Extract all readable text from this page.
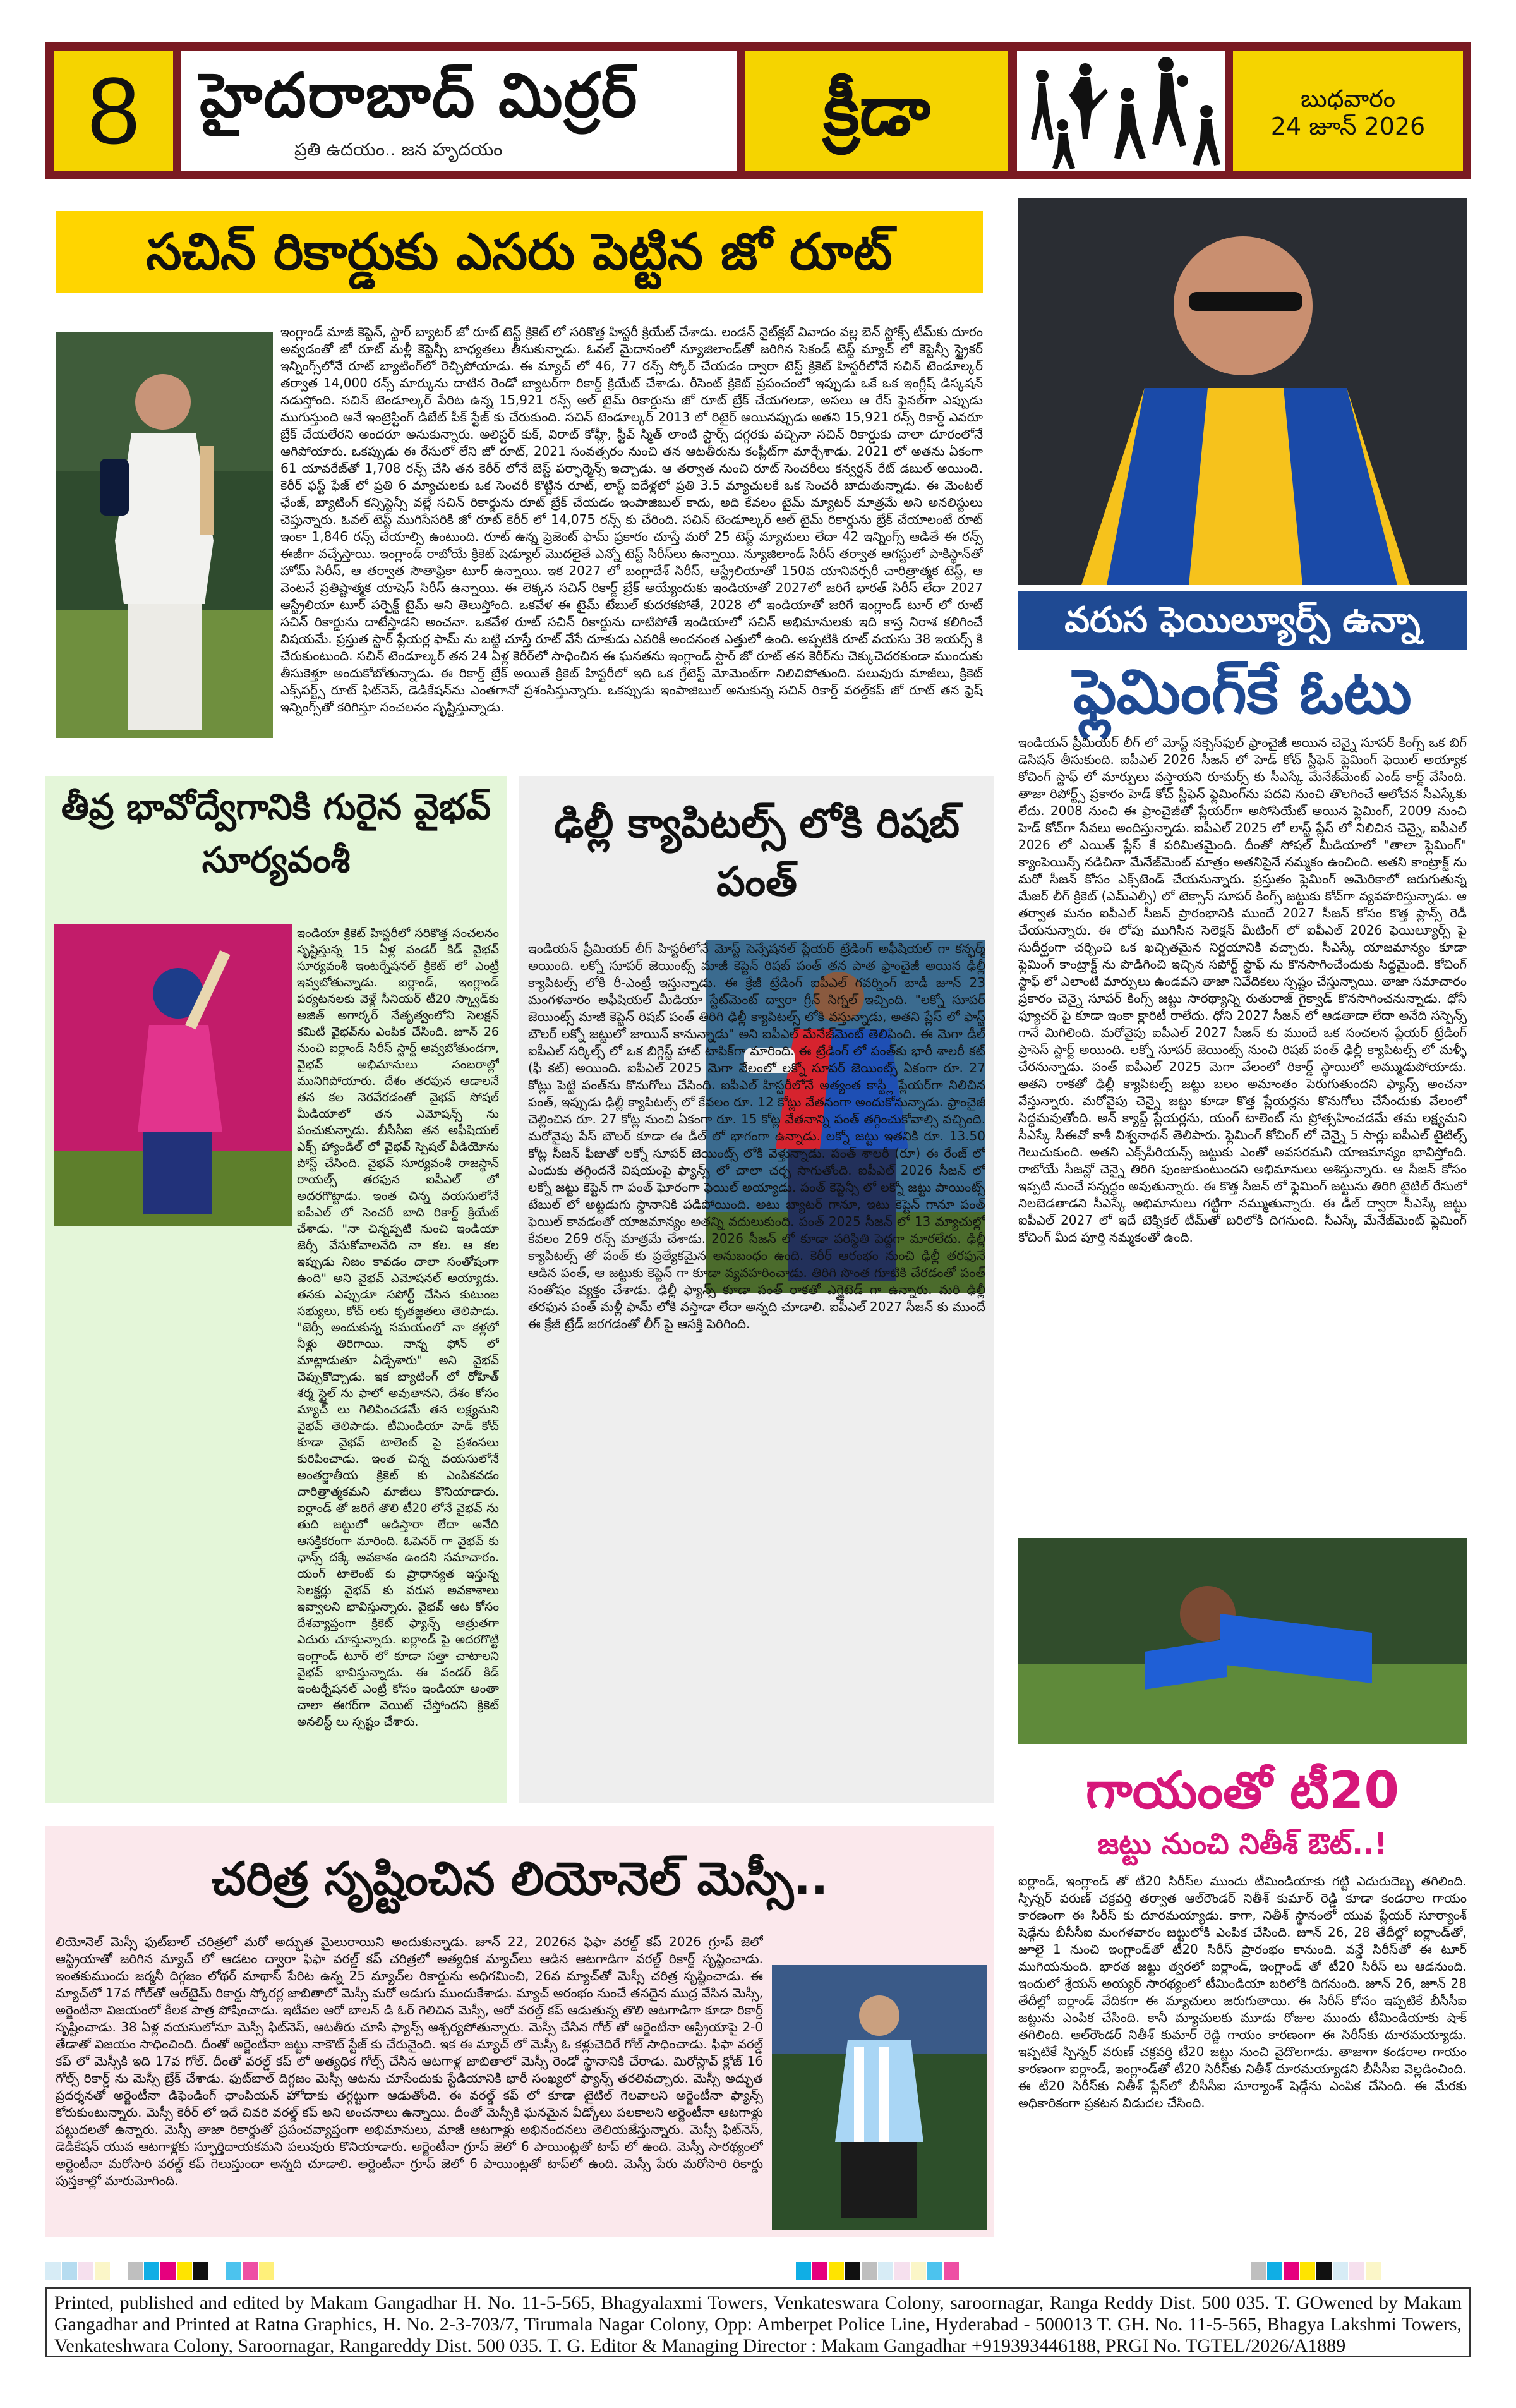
8 హైదరాబాద్ మిర్రర్
ప్రతి ఉదయం.. జన హృదయం	క్రీడా	బుధవారం
24 జూన్ 2026
సచిన్ రికార్డుకు ఎసరు పెట్టిన జో రూట్
ఇంగ్లాండ్ మాజీ కెప్టెన్, స్టార్ బ్యాటర్ జో రూట్ టెస్ట్ క్రికెట్ లో సరికొత్త హిస్టరీ క్రియేట్ చేశాడు. లండన్ నైట్‌క్లబ్ వివాదం వల్ల బెన్ స్టోక్స్ టీమ్‌కు దూరం అవ్వడంతో జో రూట్ మళ్లీ కెప్టెన్సీ బాధ్యతలు తీసుకున్నాడు. ఓవల్ మైదానంలో న్యూజిలాండ్‌తో జరిగిన సెకండ్ టెస్ట్ మ్యాచ్ లో కెప్టెన్సీ స్ట్రైకర్ ఇన్నింగ్స్‌లోనే రూట్ బ్యాటింగ్‌లో రెచ్చిపోయాడు. ఈ మ్యాచ్ లో 46, 77 రన్స్ స్కోర్ చేయడం ద్వారా టెస్ట్ క్రికెట్ హిస్టరీలోనే సచిన్ టెండూల్కర్ తర్వాత 14,000 రన్స్ మార్కును దాటిన రెండో బ్యాటర్‌గా రికార్డ్ క్రియేట్ చేశాడు. రీసెంట్ క్రికెట్ ప్రపంచంలో ఇప్పుడు ఒకే ఒక ఇంగ్లీష్ డిస్కషన్ నడుస్తోంది. సచిన్ టెండూల్కర్ పేరిట ఉన్న 15,921 రన్స్ ఆల్ టైమ్ రికార్డును జో రూట్ బ్రేక్ చేయగలడా, అసలు ఆ రేస్ ఫైనల్‌గా ఎప్పుడు ముగుస్తుంది అనే ఇంట్రెస్టింగ్ డిబేట్ పీక్ స్టేజ్ కు చేరుకుంది. సచిన్ టెండూల్కర్ 2013 లో రిటైర్ అయినప్పుడు అతని 15,921 రన్స్ రికార్డ్ ఎవరూ బ్రేక్ చేయలేరని అందరూ అనుకున్నారు. అలిస్టర్ కుక్, విరాట్ కోహ్లీ, స్టీవ్ స్మిత్ లాంటి స్టార్స్ దగ్గరకు వచ్చినా సచిన్ రికార్డుకు చాలా దూరంలోనే ఆగిపోయారు. ఒకప్పుడు ఈ రేసులో లేని జో రూట్, 2021 సంవత్సరం నుంచి తన ఆటతీరును కంప్లీట్‌గా మార్చేశాడు. 2021 లో అతను ఏకంగా 61 యావరేజ్‌తో 1,708 రన్స్ చేసి తన కెరీర్ లోనే బెస్ట్ పర్ఫార్మెన్స్ ఇచ్చాడు. ఆ తర్వాత నుంచి రూట్ సెంచరీలు కన్వర్షన్ రేట్ డబుల్ అయింది. కెరీర్ ఫస్ట్ ఫేజ్ లో ప్రతి 6 మ్యాచులకు ఒక సెంచరీ కొట్టిన రూట్, లాస్ట్ ఐదేళ్లలో ప్రతి 3.5 మ్యాచులకే ఒక సెంచరీ బాదుతున్నాడు. ఈ మెంటల్ ఛేంజ్, బ్యాటింగ్ కన్సిస్టెన్సీ వల్లే సచిన్ రికార్డును రూట్ బ్రేక్ చేయడం ఇంపాజిబుల్ కాదు, అది కేవలం టైమ్ మ్యాటర్ మాత్రమే అని అనలిస్టులు చెప్తున్నారు. ఓవల్ టెస్ట్ ముగిసేసరికి జో రూట్ కెరీర్ లో 14,075 రన్స్ కు చేరింది. సచిన్ టెండూల్కర్ ఆల్ టైమ్ రికార్డును బ్రేక్ చేయాలంటే రూట్ ఇంకా 1,846 రన్స్ చేయాల్సి ఉంటుంది. రూట్ ఉన్న ప్రెజెంట్ ఫామ్ ప్రకారం చూస్తే మరో 25 టెస్ట్ మ్యాచులు లేదా 42 ఇన్నింగ్స్ ఆడితే ఈ రన్స్ ఈజీగా వచ్చేస్తాయి. ఇంగ్లాండ్ రాబోయే క్రికెట్ షెడ్యూల్ మొదలైతే ఎన్నో టెస్ట్ సిరీస్‌లు ఉన్నాయి. న్యూజిలాండ్ సిరీస్ తర్వాత ఆగస్టులో పాకిస్థాన్‌తో హోమ్ సిరీస్, ఆ తర్వాత సౌతాఫ్రికా టూర్ ఉన్నాయి. ఇక 2027 లో బంగ్లాదేశ్ సిరీస్, ఆస్ట్రేలియాతో 150వ యానివర్సరీ చారిత్రాత్మక టెస్ట్, ఆ వెంటనే ప్రతిష్టాత్మక యాషెస్ సిరీస్ ఉన్నాయి. ఈ లెక్కన సచిన్ రికార్డ్ బ్రేక్ అయ్యేందుకు ఇండియాతో 2027లో జరిగే భారత్ సిరీస్ లేదా 2027 ఆస్ట్రేలియా టూర్ పర్ఫెక్ట్ టైమ్ అని తెలుస్తోంది. ఒకవేళ ఈ టైమ్ టేబుల్ కుదరకపోతే, 2028 లో ఇండియాతో జరిగే ఇంగ్లాండ్ టూర్ లో రూట్ సచిన్ రికార్డును దాటేస్తాడని అంచనా. ఒకవేళ రూట్ సచిన్ రికార్డును దాటిపోతే ఇండియాలో సచిన్ అభిమానులకు ఇది కాస్త నిరాశ కలిగించే విషయమే. ప్రస్తుత స్టార్ ప్లేయర్ల ఫామ్ ను బట్టి చూస్తే రూట్ వేసే దూకుడు ఎవరికీ అందనంత ఎత్తులో ఉంది. అప్పటికి రూట్ వయసు 38 ఇయర్స్ కి చేరుకుంటుంది. సచిన్ టెండూల్కర్ తన 24 ఏళ్ల కెరీర్‌లో సాధించిన ఈ ఘనతను ఇంగ్లాండ్ స్టార్ జో రూట్ తన కెరీర్‌ను చెక్కుచెదరకుండా ముందుకు తీసుకెళ్తూ అందుకోబోతున్నాడు. ఈ రికార్డ్ బ్రేక్ అయితే క్రికెట్ హిస్టరీలో ఇది ఒక గ్రేటెస్ట్ మోమెంట్‌గా నిలిచిపోతుంది. పలువురు మాజీలు, క్రికెట్ ఎక్స్‌పర్ట్స్ రూట్ ఫిట్‌నెస్, డెడికేషన్‌ను ఎంతగానో ప్రశంసిస్తున్నారు. ఒకప్పుడు ఇంపాజిబుల్ అనుకున్న సచిన్ రికార్డ్ వరల్డ్‌కప్ జో రూట్ తన ఫ్రెష్ ఇన్నింగ్స్‌తో కరిగిస్తూ సంచలనం సృష్టిస్తున్నాడు.
వరుస ఫెయిల్యూర్స్ ఉన్నా
ఫ్లెమింగ్‌కే ఓటు
ఇండియన్ ప్రీమియర్ లీగ్ లో మోస్ట్ సక్సెస్‌ఫుల్ ఫ్రాంచైజీ అయిన చెన్నై సూపర్ కింగ్స్ ఒక బిగ్ డెసిషన్ తీసుకుంది. ఐపీఎల్ 2026 సీజన్ లో హెడ్ కోచ్ స్టీఫెన్ ఫ్లెమింగ్ ఫెయిల్ అయ్యాక కోచింగ్ స్టాఫ్ లో మార్పులు వస్తాయని రూమర్స్ కు సీఎస్కే మేనేజ్‌మెంట్ ఎండ్ కార్డ్ వేసింది. తాజా రిపోర్ట్స్ ప్రకారం హెడ్ కోచ్ స్టీఫెన్ ఫ్లెమింగ్‌ను పదవి నుంచి తొలగించే ఆలోచన సీఎస్కేకు లేదు. 2008 నుంచి ఈ ఫ్రాంచైజీతో ప్లేయర్‌గా అసోసియేట్ అయిన ఫ్లెమింగ్, 2009 నుంచి హెడ్ కోచ్‌గా సేవలు అందిస్తున్నాడు. ఐపీఎల్ 2025 లో లాస్ట్ ప్లేస్ లో నిలిచిన చెన్నై, ఐపీఎల్ 2026 లో ఎయిత్ ప్లేస్ కే పరిమితమైంది. దీంతో సోషల్ మీడియాలో "తాలా ఫ్లెమింగ్" క్యాంపెయిన్స్ నడిచినా మేనేజ్‌మెంట్ మాత్రం అతనిపైనే నమ్మకం ఉంచింది. అతని కాంట్రాక్ట్ ను మరో సీజన్ కోసం ఎక్స్‌టెండ్ చేయనున్నారు. ప్రస్తుతం ఫ్లెమింగ్ అమెరికాలో జరుగుతున్న మేజర్ లీగ్ క్రికెట్ (ఎమ్ఎల్సీ) లో టెక్సాస్ సూపర్ కింగ్స్ జట్టుకు కోచ్‌గా వ్యవహరిస్తున్నాడు. ఆ తర్వాత మనం ఐపీఎల్ సీజన్ ప్రారంభానికి ముందే 2027 సీజన్ కోసం కొత్త ప్లాన్స్ రెడీ చేయనున్నారు. ఈ లోపు ముగిసిన సెలెక్షన్ మీటింగ్ లో ఐపీఎల్ 2026 ఫెయిల్యూర్స్ పై సుదీర్ఘంగా చర్చించి ఒక ఖచ్చితమైన నిర్ణయానికి వచ్చారు. సీఎస్కే యాజమాన్యం కూడా ఫ్లెమింగ్ కాంట్రాక్ట్ ను పొడిగించి ఇచ్చిన సపోర్ట్ స్టాఫ్ ను కొనసాగించేందుకు సిద్ధమైంది. కోచింగ్ స్టాఫ్ లో ఎలాంటి మార్పులు ఉండవని తాజా నివేదికలు స్పష్టం చేస్తున్నాయి. తాజా సమాచారం ప్రకారం చెన్నై సూపర్ కింగ్స్ జట్టు సారథ్యాన్ని రుతురాజ్ గైక్వాడ్ కొనసాగించనున్నాడు. ధోనీ ఫ్యూచర్ పై కూడా ఇంకా క్లారిటీ రాలేదు. ధోని 2027 సీజన్ లో ఆడతాడా లేదా అనేది సస్పెన్స్ గానే మిగిలింది. మరోవైపు ఐపీఎల్ 2027 సీజన్ కు ముందే ఒక సంచలన ప్లేయర్ ట్రేడింగ్ ప్రాసెస్ స్టార్ట్ అయింది. లక్నో సూపర్ జెయింట్స్ నుంచి రిషబ్ పంత్ ఢిల్లీ క్యాపిటల్స్ లో మళ్ళీ చేరనున్నాడు. పంత్ ఐపీఎల్ 2025 మెగా వేలంలో రికార్డ్ స్థాయిలో అమ్ముడుపోయాడు. అతని రాకతో ఢిల్లీ క్యాపిటల్స్ జట్టు బలం అమాంతం పెరుగుతుందని ఫ్యాన్స్ అంచనా వేస్తున్నారు. మరోవైపు చెన్నై జట్టు కూడా కొత్త ప్లేయర్లను కొనుగోలు చేసేందుకు వేలంలో సిద్ధమవుతోంది. అన్ క్యాప్డ్ ప్లేయర్లను, యంగ్ టాలెంట్ ను ప్రోత్సహించడమే తమ లక్ష్యమని సీఎస్కే సీఈవో కాశీ విశ్వనాథన్ తెలిపారు. ఫ్లెమింగ్ కోచింగ్ లో చెన్నై 5 సార్లు ఐపీఎల్ టైటిల్స్ గెలుచుకుంది. అతని ఎక్స్‌పీరియన్స్ జట్టుకు ఎంతో అవసరమని యాజమాన్యం భావిస్తోంది. రాబోయే సీజన్లో చెన్నై తిరిగి పుంజుకుంటుందని అభిమానులు ఆశిస్తున్నారు. ఆ సీజన్ కోసం ఇప్పటి నుంచే సన్నద్ధం అవుతున్నారు. ఈ కొత్త సీజన్ లో ఫ్లెమింగ్ జట్టును తిరిగి టైటిల్ రేసులో నిలబెడతాడని సీఎస్కే అభిమానులు గట్టిగా నమ్ముతున్నారు. ఈ డీల్ ద్వారా సీఎస్కే జట్టు ఐపీఎల్ 2027 లో ఇదే టెక్నికల్ టీమ్‌తో బరిలోకి దిగనుంది. సీఎస్కే మేనేజ్‌మెంట్ ఫ్లెమింగ్ కోచింగ్ మీద పూర్తి నమ్మకంతో ఉంది.
తీవ్ర భావోద్వేగానికి గురైన వైభవ్ సూర్యవంశీ
ఇండియా క్రికెట్ హిస్టరీలో సరికొత్త సంచలనం సృష్టిస్తున్న 15 ఏళ్ల వండర్ కిడ్ వైభవ్ సూర్యవంశీ ఇంటర్నేషనల్ క్రికెట్ లో ఎంట్రీ ఇవ్వబోతున్నాడు. ఐర్లాండ్, ఇంగ్లాండ్ పర్యటనలకు వెళ్లే సీనియర్ టీ20 స్క్వాడ్‌కు అజిత్ అగార్కర్ నేతృత్వంలోని సెలక్షన్ కమిటీ వైభవ్‌ను ఎంపిక చేసింది. జూన్ 26 నుంచి ఐర్లాండ్ సిరీస్ స్టార్ట్ అవ్వబోతుండగా, వైభవ్ అభిమానులు సంబరాల్లో మునిగిపోయారు. దేశం తరఫున ఆడాలనే తన కల నెరవేరడంతో వైభవ్ సోషల్ మీడియాలో తన ఎమోషన్స్ ను పంచుకున్నాడు. బీసీసీఐ తన అఫీషియల్ ఎక్స్ హ్యాండిల్ లో వైభవ్ స్పెషల్ వీడియోను పోస్ట్ చేసింది. వైభవ్ సూర్యవంశీ రాజస్థాన్ రాయల్స్ తరఫున ఐపీఎల్ లో అదరగొట్టాడు. ఇంత చిన్న వయసులోనే ఐపీఎల్ లో సెంచరీ బాది రికార్డ్ క్రియేట్ చేశాడు. "నా చిన్నప్పటి నుంచి ఇండియా జెర్సీ వేసుకోవాలనేది నా కల. ఆ కల ఇప్పుడు నిజం కావడం చాలా సంతోషంగా ఉంది" అని వైభవ్ ఎమోషనల్ అయ్యాడు. తనకు ఎప్పుడూ సపోర్ట్ చేసిన కుటుంబ సభ్యులు, కోచ్ లకు కృతజ్ఞతలు తెలిపాడు. "జెర్సీ అందుకున్న సమయంలో నా కళ్లలో నీళ్లు తిరిగాయి. నాన్న ఫోన్ లో మాట్లాడుతూ ఏడ్చేశారు" అని వైభవ్ చెప్పుకొచ్చాడు. ఇక బ్యాటింగ్ లో రోహిత్ శర్మ స్టైల్ ను ఫాలో అవుతానని, దేశం కోసం మ్యాచ్ లు గెలిపించడమే తన లక్ష్యమని వైభవ్ తెలిపాడు. టీమిండియా హెడ్ కోచ్ కూడా వైభవ్ టాలెంట్ పై ప్రశంసలు కురిపించాడు. ఇంత చిన్న వయసులోనే అంతర్జాతీయ క్రికెట్ కు ఎంపికవడం చారిత్రాత్మకమని మాజీలు కొనియాడారు. ఐర్లాండ్ తో జరిగే తొలి టీ20 లోనే వైభవ్ ను తుది జట్టులో ఆడిస్తారా లేదా అనేది ఆసక్తికరంగా మారింది. ఓపెనర్ గా వైభవ్ కు ఛాన్స్ దక్కే అవకాశం ఉందని సమాచారం. యంగ్ టాలెంట్ కు ప్రాధాన్యత ఇస్తున్న సెలక్టర్లు వైభవ్ కు వరుస అవకాశాలు ఇవ్వాలని భావిస్తున్నారు. వైభవ్ ఆట కోసం దేశవ్యాప్తంగా క్రికెట్ ఫ్యాన్స్ ఆత్రుతగా ఎదురు చూస్తున్నారు. ఐర్లాండ్ పై అదరగొట్టి ఇంగ్లాండ్ టూర్ లో కూడా సత్తా చాటాలని వైభవ్ భావిస్తున్నాడు. ఈ వండర్ కిడ్ ఇంటర్నేషనల్ ఎంట్రీ కోసం ఇండియా అంతా చాలా ఈగర్‌గా వెయిట్ చేస్తోందని క్రికెట్ అనలిస్ట్ లు స్పష్టం చేశారు.
ఢిల్లీ క్యాపిటల్స్ లోకి రిషబ్ పంత్
ఇండియన్ ప్రీమియర్ లీగ్ హిస్టరీలోనే మోస్ట్ సెన్సేషనల్ ప్లేయర్ ట్రేడింగ్ అఫీషియల్ గా కన్ఫర్మ్ అయింది. లక్నో సూపర్ జెయింట్స్ మాజీ కెప్టెన్ రిషబ్ పంత్ తన పాత ఫ్రాంచైజీ అయిన ఢిల్లీ క్యాపిటల్స్ లోకి రీ-ఎంట్రీ ఇస్తున్నాడు. ఈ క్రేజీ ట్రేడింగ్ ఐపీఎల్ గవర్నింగ్ బాడీ జూన్ 23 మంగళవారం అఫీషియల్ మీడియా స్టేట్‌మెంట్ ద్వారా గ్రీన్ సిగ్నల్ ఇచ్చింది. "లక్నో సూపర్ జెయింట్స్ మాజీ కెప్టెన్ రిషబ్ పంత్ తిరిగి ఢిల్లీ క్యాపిటల్స్ లోకి వస్తున్నాడు, అతని ప్లేస్ లో ఫాస్ట్ బౌలర్ లక్నో జట్టులో జాయిన్ కానున్నాడు" అని ఐపీఎల్ మేనేజ్‌మెంట్ తెలిపింది. ఈ మెగా డీల్ ఐపీఎల్ సర్కిల్స్ లో ఒక బిగ్గెస్ట్ హాట్ టాపిక్‌గా మారింది. ఈ ట్రేడింగ్ లో పంత్‌కు భారీ శాలరీ కట్ (ఫీ కట్) అయింది. ఐపీఎల్ 2025 మెగా వేలంలో లక్నో సూపర్ జెయింట్స్ ఏకంగా రూ. 27 కోట్లు పెట్టి పంత్‌ను కొనుగోలు చేసింది. ఐపీఎల్ హిస్టరీలోనే అత్యంత కాస్ట్లీ ప్లేయర్‌గా నిలిచిన పంత్, ఇప్పుడు ఢిల్లీ క్యాపిటల్స్ లో కేవలం రూ. 12 కోట్లు వేతనంగా అందుకోనున్నాడు. ఫ్రాంచైజీ చెల్లించిన రూ. 27 కోట్ల నుంచి ఏకంగా రూ. 15 కోట్ల వేతనాన్ని పంత్ తగ్గించుకోవాల్సి వచ్చింది. మరోవైపు పేస్ బౌలర్ కూడా ఈ డీల్ లో భాగంగా ఉన్నాడు. లక్నో జట్టు ఇతనికి రూ. 13.50 కోట్ల సీజన్ ఫీజుతో లక్నో సూపర్ జెయింట్స్ లోకి వెళ్తున్నాడు. పంత్ శాలరీ (రూ) ఈ రేంజ్ లో ఎందుకు తగ్గిందనే విషయంపై ఫ్యాన్స్ లో చాలా చర్చ సాగుతోంది. ఐపీఎల్ 2026 సీజన్ లో లక్నో జట్టు కెప్టెన్ గా పంత్ ఘోరంగా ఫెయిల్ అయ్యాడు. పంత్ కెప్టెన్సీ లో లక్నో జట్టు పాయింట్స్ టేబుల్ లో అట్టడుగు స్థానానికి పడిపోయింది. అటు బ్యాటర్ గానూ, ఇటు కెప్టెన్ గానూ పంత్ ఫెయిల్ కావడంతో యాజమాన్యం అతన్ని వదులుకుంది. పంత్ 2025 సీజన్ లో 13 మ్యాచుల్లో కేవలం 269 రన్స్ మాత్రమే చేశాడు. 2026 సీజన్ లో కూడా పరిస్థితి పెద్దగా మారలేదు. ఢిల్లీ క్యాపిటల్స్ తో పంత్ కు ప్రత్యేకమైన అనుబంధం ఉంది. కెరీర్ ఆరంభం నుంచి ఢిల్లీ తరఫునే ఆడిన పంత్, ఆ జట్టుకు కెప్టెన్ గా కూడా వ్యవహరించాడు. తిరిగి సొంత గూటికి చేరడంతో పంత్ సంతోషం వ్యక్తం చేశాడు. ఢిల్లీ ఫ్యాన్స్ కూడా పంత్ రాకతో ఎగ్జైటెడ్ గా ఉన్నారు. మరి ఢిల్లీ తరఫున పంత్ మళ్లీ ఫామ్ లోకి వస్తాడా లేదా అన్నది చూడాలి. ఐపీఎల్ 2027 సీజన్ కు ముందే ఈ క్రేజీ ట్రేడ్ జరగడంతో లీగ్ పై ఆసక్తి పెరిగింది.
గాయంతో టీ20
జట్టు నుంచి నితీశ్ ఔట్..!
ఐర్లాండ్, ఇంగ్లాండ్ తో టీ20 సిరీస్‌ల ముందు టీమిండియాకు గట్టి ఎదురుదెబ్బ తగిలింది. స్పిన్నర్ వరుణ్ చక్రవర్తి తర్వాత ఆల్‌రౌండర్ నితీశ్ కుమార్ రెడ్డి కూడా కండరాల గాయం కారణంగా ఈ సిరీస్ కు దూరమయ్యాడు. కాగా, నితీశ్ స్థానంలో యువ ప్లేయర్ సూర్యాంశ్ షెడ్గేను బీసీసీఐ మంగళవారం జట్టులోకి ఎంపిక చేసింది. జూన్ 26, 28 తేదీల్లో ఐర్లాండ్‌తో, జూలై 1 నుంచి ఇంగ్లాండ్‌తో టీ20 సిరీస్ ప్రారంభం కానుంది. వన్డే సిరీస్‌తో ఈ టూర్ ముగియనుంది. భారత జట్టు త్వరలో ఐర్లాండ్, ఇంగ్లాండ్ తో టీ20 సిరీస్ లు ఆడనుంది. ఇందులో శ్రేయస్ అయ్యర్ సారథ్యంలో టీమిండియా బరిలోకి దిగనుంది. జూన్ 26, జూన్ 28 తేదీల్లో ఐర్లాండ్ వేదికగా ఈ మ్యాచులు జరుగుతాయి. ఈ సిరీస్ కోసం ఇప్పటికే బీసీసీఐ జట్టును ఎంపిక చేసింది. కానీ మ్యాచులకు మూడు రోజుల ముందు టీమిండియాకు షాక్ తగిలింది. ఆల్‌రౌండర్ నితీశ్ కుమార్ రెడ్డి గాయం కారణంగా ఈ సిరీస్‌కు దూరమయ్యాడు. ఇప్పటికే స్పిన్నర్ వరుణ్ చక్రవర్తి టీ20 జట్టు నుంచి వైదొలగాడు. తాజాగా కండరాల గాయం కారణంగా ఐర్లాండ్, ఇంగ్లాండ్‌తో టీ20 సిరీస్‌కు నితీశ్ దూరమయ్యాడని బీసీసీఐ వెల్లడించింది. ఈ టీ20 సిరీస్‌కు నితీశ్ ప్లేస్‌లో బీసీసీఐ సూర్యాంశ్ షెడ్గేను ఎంపిక చేసింది. ఈ మేరకు అధికారికంగా ప్రకటన విడుదల చేసింది.
చరిత్ర సృష్టించిన లియోనెల్ మెస్సీ..
లియోనెల్ మెస్సీ ఫుట్‌బాల్ చరిత్రలో మరో అద్భుత మైలురాయిని అందుకున్నాడు. జూన్ 22, 2026న ఫిఫా వరల్డ్ కప్ 2026 గ్రూప్ జెలో ఆస్ట్రియాతో జరిగిన మ్యాచ్ లో ఆడటం ద్వారా ఫిఫా వరల్డ్ కప్ చరిత్రలో అత్యధిక మ్యాచ్‌లు ఆడిన ఆటగాడిగా వరల్డ్ రికార్డ్ సృష్టించాడు. ఇంతకుముందు జర్మనీ దిగ్గజం లోథర్ మాథాస్ పేరిట ఉన్న 25 మ్యాచ్‌ల రికార్డును అధిగమించి, 26వ మ్యాచ్‌తో మెస్సీ చరిత్ర సృష్టించాడు. ఈ మ్యాచ్‌లో 17వ గోల్‌తో ఆల్‌టైమ్ రికార్డు స్కోరర్ల జాబితాలో మెస్సీ మరో అడుగు ముందుకేశాడు. మ్యాచ్ ఆరంభం నుంచే తనదైన ముద్ర వేసిన మెస్సీ, అర్జెంటీనా విజయంలో కీలక పాత్ర పోషించాడు. ఇటీవల ఆరో బాలన్ డి ఓర్ గెలిచిన మెస్సీ, ఆరో వరల్డ్ కప్ ఆడుతున్న తొలి ఆటగాడిగా కూడా రికార్డ్ సృష్టించాడు. 38 ఏళ్ల వయసులోనూ మెస్సీ ఫిట్‌నెస్, ఆటతీరు చూసి ఫ్యాన్స్ ఆశ్చర్యపోతున్నారు. మెస్సీ చేసిన గోల్ తో అర్జెంటీనా ఆస్ట్రియాపై 2-0 తేడాతో విజయం సాధించింది. దీంతో అర్జెంటీనా జట్టు నాకౌట్ స్టేజ్ కు చేరువైంది. ఇక ఈ మ్యాచ్ లో మెస్సీ ఓ కళ్లుచెదిరే గోల్ సాధించాడు. ఫిఫా వరల్డ్ కప్ లో మెస్సీకి ఇది 17వ గోల్. దీంతో వరల్డ్ కప్ లో అత్యధిక గోల్స్ చేసిన ఆటగాళ్ల జాబితాలో మెస్సీ రెండో స్థానానికి చేరాడు. మిరోస్లావ్ క్లోజ్ 16 గోల్స్ రికార్డ్ ను మెస్సీ బ్రేక్ చేశాడు. ఫుట్‌బాల్ దిగ్గజం మెస్సీ ఆటను చూసేందుకు స్టేడియానికి భారీ సంఖ్యలో ఫ్యాన్స్ తరలివచ్చారు. మెస్సీ అద్భుత ప్రదర్శనతో అర్జెంటీనా డిఫెండింగ్ ఛాంపియన్ హోదాకు తగ్గట్టుగా ఆడుతోంది. ఈ వరల్డ్ కప్ లో కూడా టైటిల్ గెలవాలని అర్జెంటీనా ఫ్యాన్స్ కోరుకుంటున్నారు. మెస్సీ కెరీర్ లో ఇదే చివరి వరల్డ్ కప్ అని అంచనాలు ఉన్నాయి. దీంతో మెస్సీకి ఘనమైన వీడ్కోలు పలకాలని అర్జెంటీనా ఆటగాళ్లు పట్టుదలతో ఉన్నారు. మెస్సీ తాజా రికార్డుతో ప్రపంచవ్యాప్తంగా అభిమానులు, మాజీ ఆటగాళ్లు అభినందనలు తెలియజేస్తున్నారు. మెస్సీ ఫిట్‌నెస్, డెడికేషన్ యువ ఆటగాళ్లకు స్ఫూర్తిదాయకమని పలువురు కొనియాడారు. అర్జెంటీనా గ్రూప్ జెలో 6 పాయింట్లతో టాప్ లో ఉంది. మెస్సీ సారథ్యంలో అర్జెంటీనా మరోసారి వరల్డ్ కప్ గెలుస్తుందా అన్నది చూడాలి. అర్జెంటీనా గ్రూప్ జెలో 6 పాయింట్లతో టాప్‌లో ఉంది. మెస్సీ పేరు మరోసారి రికార్డు పుస్తకాల్లో మారుమోగింది.
Printed, published and edited by Makam Gangadhar H. No. 11-5-565, Bhagyalaxmi Towers, Venkateswara Colony, saroornagar, Ranga Reddy Dist. 500 035. T. GOwened by Makam Gangadhar and Printed at Ratna Graphics, H. No. 2-3-703/7, Tirumala Nagar Colony, Opp: Amberpet Police Line, Hyderabad - 500013 T. GH. No. 11-5-565, Bhagya Lakshmi Towers, Venkateshwara Colony, Saroornagar, Rangareddy Dist. 500 035. T. G. Editor & Managing Director : Makam Gangadhar +919393446188, PRGI No. TGTEL/2026/A1889
